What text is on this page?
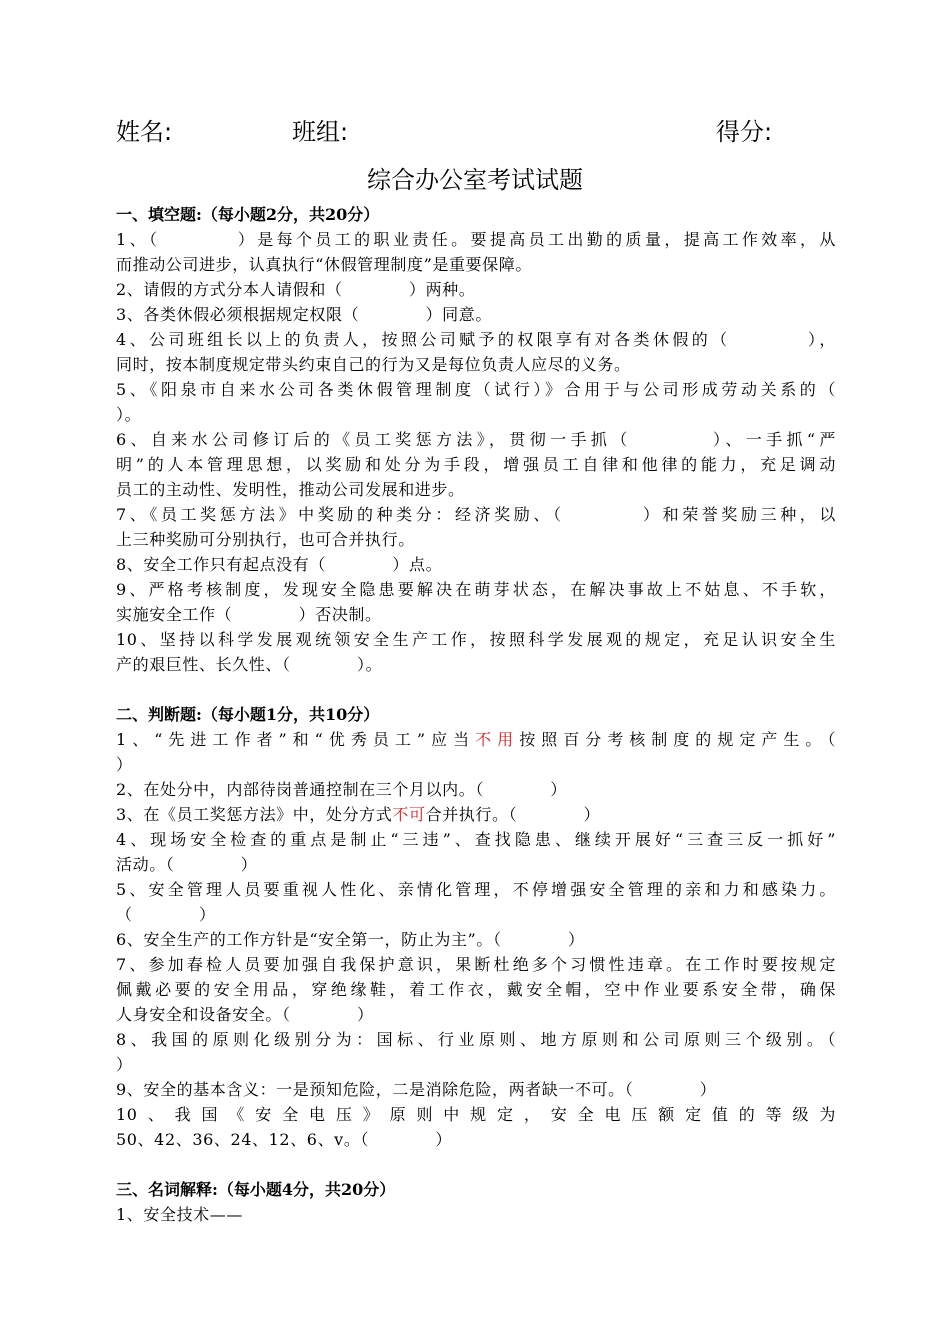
姓名:	班组:	得分:
综合办公室考试试题
一、填空题:（每小题2分，共20分）
1、（　　　　）是每个员工的职业责任。要提高员工出勤的质量，提高工作效率，从
而推动公司进步，认真执行“休假管理制度”是重要保障。
2、请假的方式分本人请假和（　　　　）两种。
3、各类休假必须根据规定权限（　　　　）同意。
4、公司班组长以上的负责人，按照公司赋予的权限享有对各类休假的（　　　　），
同时，按本制度规定带头约束自己的行为又是每位负责人应尽的义务。
5、《阳泉市自来水公司各类休假管理制度（试行）》合用于与公司形成劳动关系的（
）。
6、自来水公司修订后的《员工奖惩方法》，贯彻一手抓（　　　　）、一手抓“严
明”的人本管理思想，以奖励和处分为手段，增强员工自律和他律的能力，充足调动
员工的主动性、发明性，推动公司发展和进步。
7、《员工奖惩方法》中奖励的种类分：经济奖励、（　　　　）和荣誉奖励三种，以
上三种奖励可分别执行，也可合并执行。
8、安全工作只有起点没有（　　　　）点。
9、严格考核制度，发现安全隐患要解决在萌芽状态，在解决事故上不姑息、不手软，
实施安全工作（　　　　）否决制。
10、坚持以科学发展观统领安全生产工作，按照科学发展观的规定，充足认识安全生
产的艰巨性、长久性、（　　　　）。
二、判断题:（每小题1分，共10分）
1、“先进工作者”和“优秀员工”应当不用按照百分考核制度的规定产生。（
）
2、在处分中，内部待岗普通控制在三个月以内。（　　　　）
3、在《员工奖惩方法》中，处分方式不可合并执行。（　　　　）
4、现场安全检查的重点是制止“三违”、查找隐患、继续开展好“三查三反一抓好”
活动。（　　　　）
5、安全管理人员要重视人性化、亲情化管理，不停增强安全管理的亲和力和感染力。
（　　　　）
6、安全生产的工作方针是“安全第一，防止为主”。（　　　　）
7、参加春检人员要加强自我保护意识，果断杜绝多个习惯性违章。在工作时要按规定
佩戴必要的安全用品，穿绝缘鞋，着工作衣，戴安全帽，空中作业要系安全带，确保
人身安全和设备安全。（　　　　）
8、我国的原则化级别分为：国标、行业原则、地方原则和公司原则三个级别。（
）
9、安全的基本含义：一是预知危险，二是消除危险，两者缺一不可。（　　　　）
10、我国《安全电压》原则中规定，安全电压额定值的等级为
50、42、36、24、12、6、v。（　　　　）
三、名词解释:（每小题4分，共20分）
1、安全技术——
